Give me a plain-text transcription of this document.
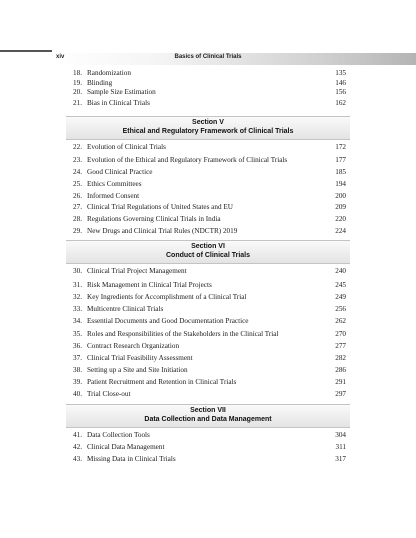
xiv	Basics of Clinical Trials
18. Randomization	135
19. Blinding	146
20. Sample Size Estimation	156
21. Bias in Clinical Trials	162
Section V
Ethical and Regulatory Framework of Clinical Trials
22. Evolution of Clinical Trials	172
23. Evolution of the Ethical and Regulatory Framework of Clinical Trials	177
24. Good Clinical Practice	185
25. Ethics Committees	194
26. Informed Consent	200
27. Clinical Trial Regulations of United States and EU	209
28. Regulations Governing Clinical Trials in India	220
29. New Drugs and Clinical Trial Rules (NDCTR) 2019	224
Section VI
Conduct of Clinical Trials
30. Clinical Trial Project Management	240
31. Risk Management in Clinical Trial Projects	245
32. Key Ingredients for Accomplishment of a Clinical Trial	249
33. Multicentre Clinical Trials	256
34. Essential Documents and Good Documentation Practice	262
35. Roles and Responsibilities of the Stakeholders in the Clinical Trial	270
36. Contract Research Organization	277
37. Clinical Trial Feasibility Assessment	282
38. Setting up a Site and Site Initiation	286
39. Patient Recruitment and Retention in Clinical Trials	291
40. Trial Close-out	297
Section VII
Data Collection and Data Management
41. Data Collection Tools	304
42. Clinical Data Management	311
43. Missing Data in Clinical Trials	317
